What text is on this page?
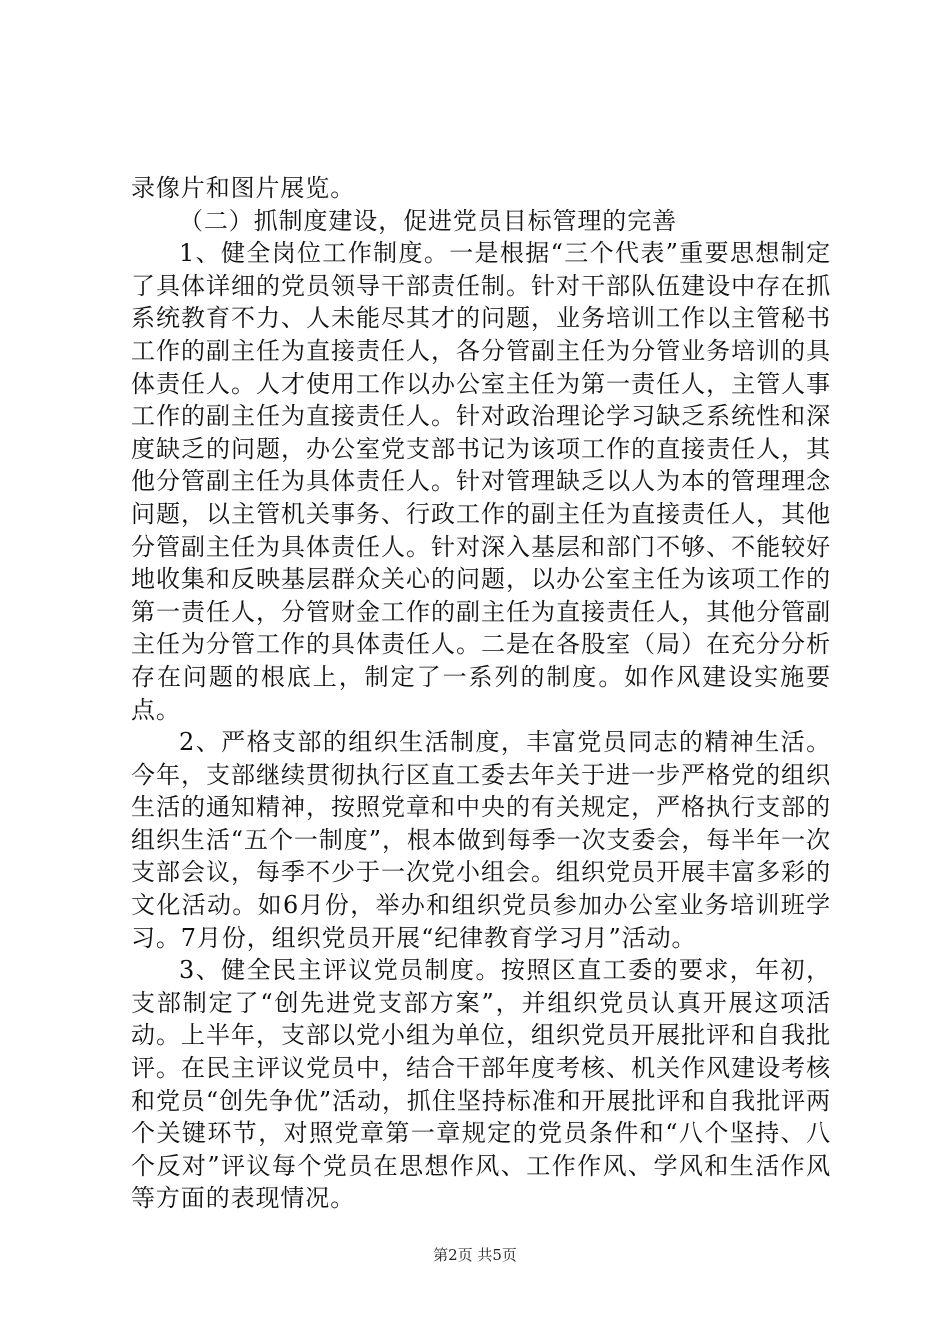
录像片和图片展览。

（二）抓制度建设，促进党员目标管理的完善

1、健全岗位工作制度。一是根据“三个代表”重要思想制定了具体详细的党员领导干部责任制。针对干部队伍建设中存在抓系统教育不力、人未能尽其才的问题，业务培训工作以主管秘书工作的副主任为直接责任人，各分管副主任为分管业务培训的具体责任人。人才使用工作以办公室主任为第一责任人，主管人事工作的副主任为直接责任人。针对政治理论学习缺乏系统性和深度缺乏的问题，办公室党支部书记为该项工作的直接责任人，其他分管副主任为具体责任人。针对管理缺乏以人为本的管理理念问题，以主管机关事务、行政工作的副主任为直接责任人，其他分管副主任为具体责任人。针对深入基层和部门不够、不能较好地收集和反映基层群众关心的问题，以办公室主任为该项工作的第一责任人，分管财金工作的副主任为直接责任人，其他分管副主任为分管工作的具体责任人。二是在各股室（局）在充分分析存在问题的根底上，制定了一系列的制度。如作风建设实施要点。

2、严格支部的组织生活制度，丰富党员同志的精神生活。今年，支部继续贯彻执行区直工委去年关于进一步严格党的组织生活的通知精神，按照党章和中央的有关规定，严格执行支部的组织生活“五个一制度”，根本做到每季一次支委会，每半年一次支部会议，每季不少于一次党小组会。组织党员开展丰富多彩的文化活动。如6月份，举办和组织党员参加办公室业务培训班学习。7月份，组织党员开展“纪律教育学习月”活动。

3、健全民主评议党员制度。按照区直工委的要求，年初，支部制定了“创先进党支部方案”，并组织党员认真开展这项活动。上半年，支部以党小组为单位，组织党员开展批评和自我批评。在民主评议党员中，结合干部年度考核、机关作风建设考核和党员“创先争优”活动，抓住坚持标准和开展批评和自我批评两个关键环节，对照党章第一章规定的党员条件和“八个坚持、八个反对”评议每个党员在思想作风、工作作风、学风和生活作风等方面的表现情况。

第2页 共5页
